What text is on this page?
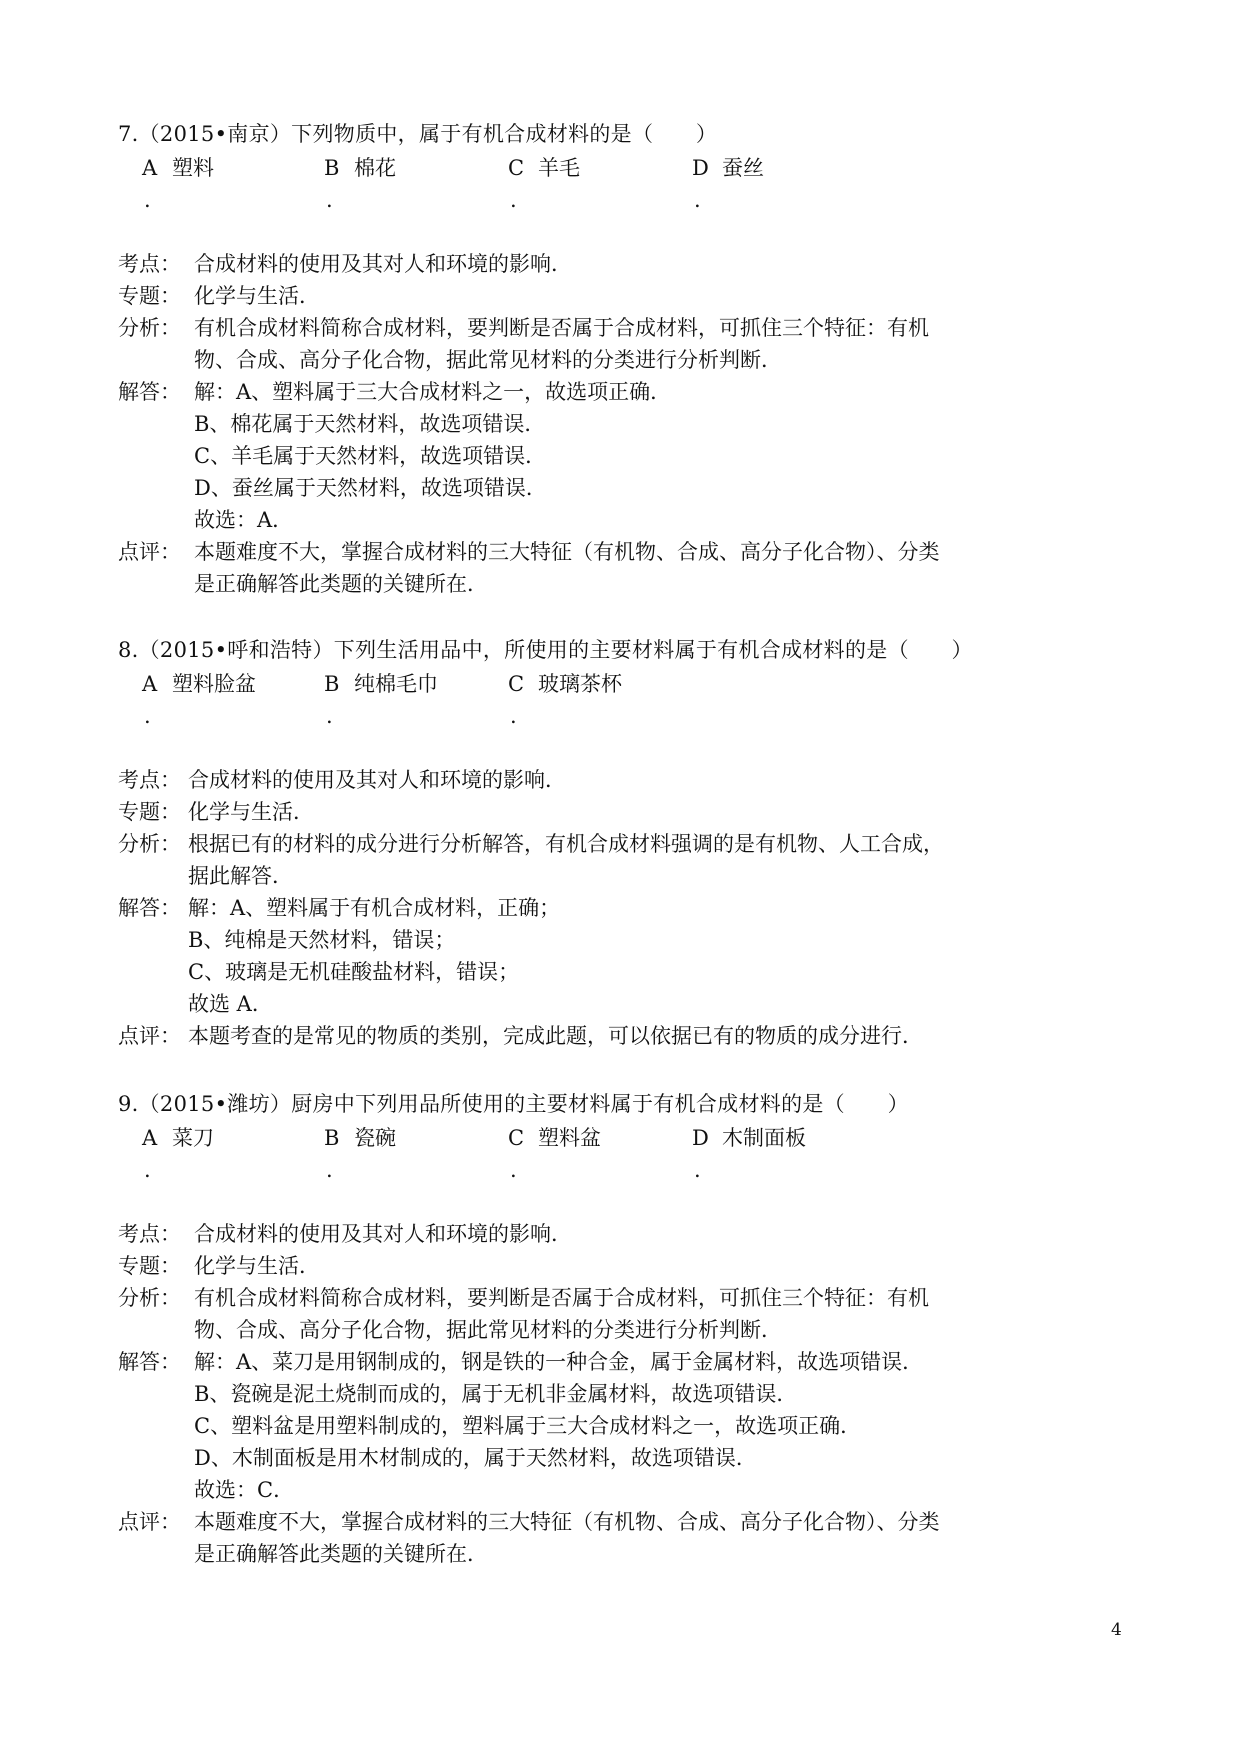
7.（2015•南京）下列物质中，属于有机合成材料的是（　　）
A 塑料	B 棉花	C 羊毛	D 蚕丝
.	.	.	.
考点： 合成材料的使用及其对人和环境的影响．
专题： 化学与生活．
分析： 有机合成材料简称合成材料，要判断是否属于合成材料，可抓住三个特征：有机
物、合成、高分子化合物，据此常见材料的分类进行分析判断．
解答： 解：A、塑料属于三大合成材料之一，故选项正确．
B、棉花属于天然材料，故选项错误．
C、羊毛属于天然材料，故选项错误．
D、蚕丝属于天然材料，故选项错误．
故选：A．
点评： 本题难度不大，掌握合成材料的三大特征（有机物、合成、高分子化合物）、分类
是正确解答此类题的关键所在．
8.（2015•呼和浩特）下列生活用品中，所使用的主要材料属于有机合成材料的是（　　）
A 塑料脸盆	B 纯棉毛巾	C 玻璃茶杯
.	.	.
考点： 合成材料的使用及其对人和环境的影响．
专题： 化学与生活．
分析： 根据已有的材料的成分进行分析解答，有机合成材料强调的是有机物、人工合成，
据此解答．
解答： 解：A、塑料属于有机合成材料，正确；
B、纯棉是天然材料，错误；
C、玻璃是无机硅酸盐材料，错误；
故选 A．
点评： 本题考查的是常见的物质的类别，完成此题，可以依据已有的物质的成分进行．
9.（2015•潍坊）厨房中下列用品所使用的主要材料属于有机合成材料的是（　　）
A 菜刀	B 瓷碗	C 塑料盆	D 木制面板
.	.	.	.
考点： 合成材料的使用及其对人和环境的影响．
专题： 化学与生活．
分析： 有机合成材料简称合成材料，要判断是否属于合成材料，可抓住三个特征：有机
物、合成、高分子化合物，据此常见材料的分类进行分析判断．
解答： 解：A、菜刀是用钢制成的，钢是铁的一种合金，属于金属材料，故选项错误．
B、瓷碗是泥土烧制而成的，属于无机非金属材料，故选项错误．
C、塑料盆是用塑料制成的，塑料属于三大合成材料之一，故选项正确．
D、木制面板是用木材制成的，属于天然材料，故选项错误．
故选：C．
点评： 本题难度不大，掌握合成材料的三大特征（有机物、合成、高分子化合物）、分类
是正确解答此类题的关键所在．
4
